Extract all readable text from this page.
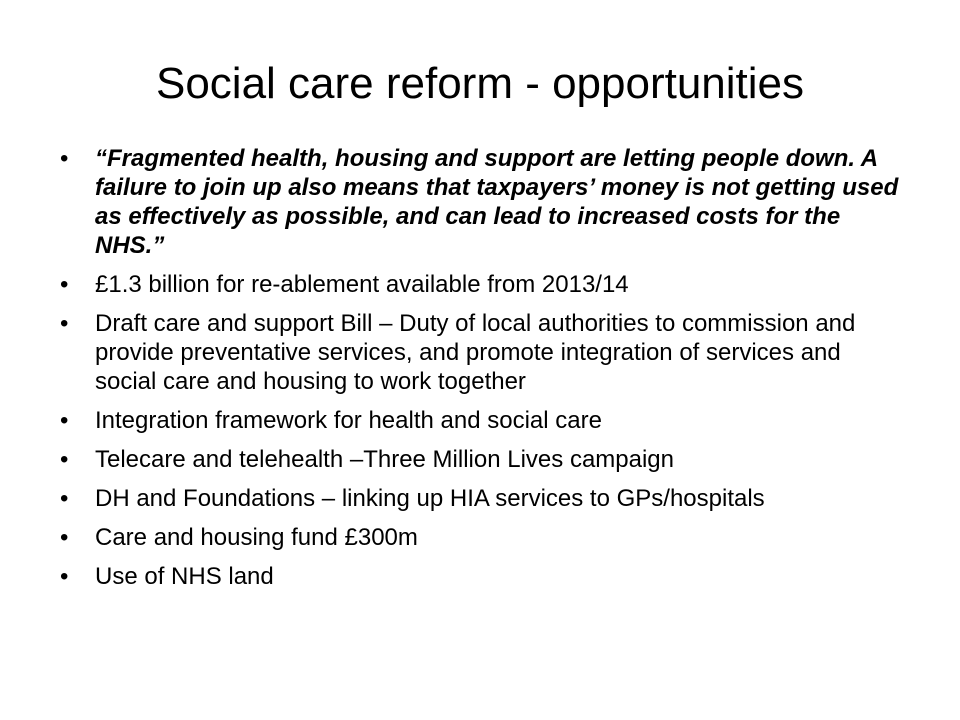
Social care reform - opportunities
•	“Fragmented health, housing and support are letting people down. A failure to join up also means that taxpayers’ money is not getting used as effectively as possible, and can lead to increased costs for the NHS.”
•	£1.3 billion for re-ablement available from 2013/14
•	Draft care and support Bill – Duty of local authorities to commission and provide preventative services, and promote integration of services and social care and housing to work together
•	Integration framework for health and social care
•	Telecare and telehealth –Three Million Lives campaign
•	DH and Foundations – linking up HIA services to GPs/hospitals
•	Care and housing fund £300m
•	Use of NHS land
